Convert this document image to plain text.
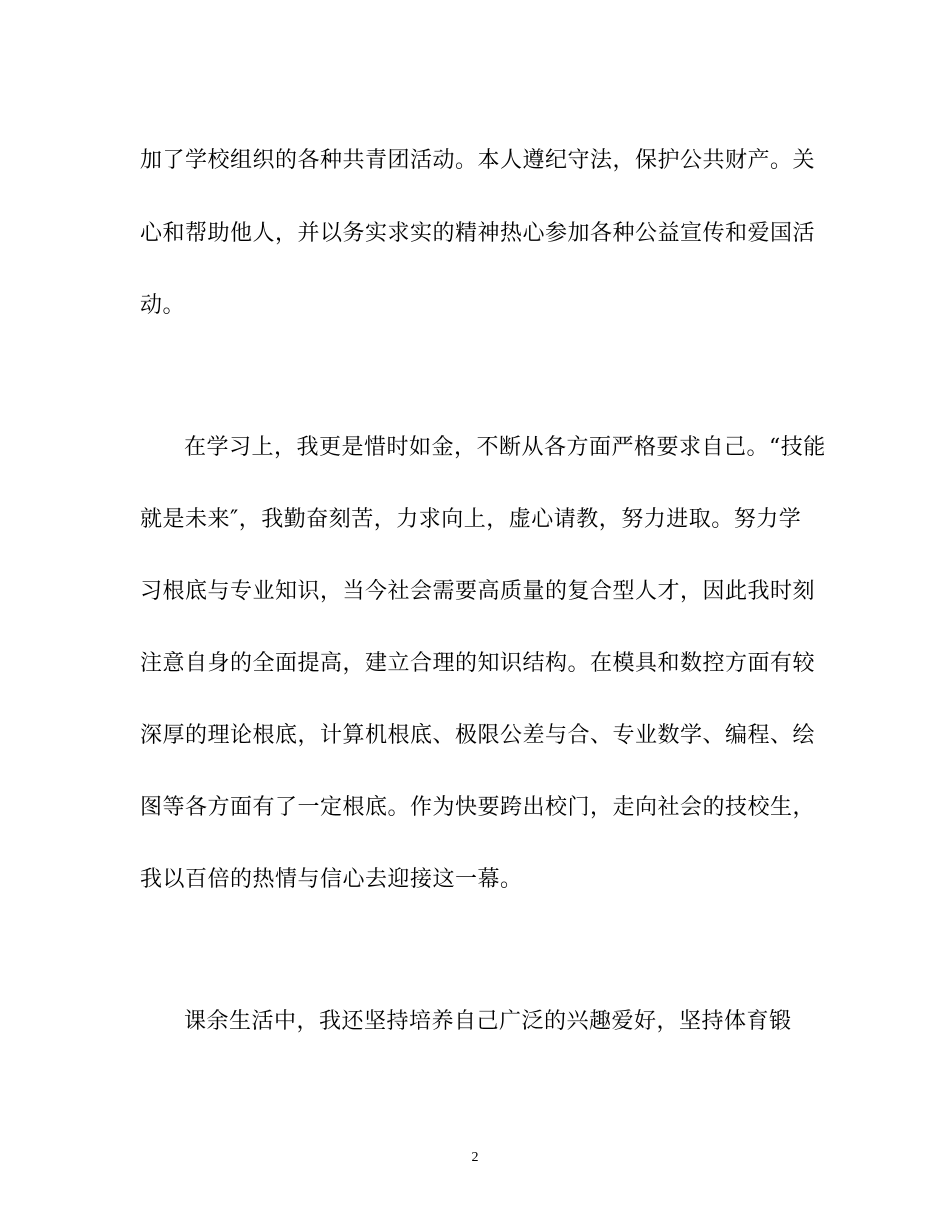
加了学校组织的各种共青团活动。本人遵纪守法，保护公共财产。关
心和帮助他人，并以务实求实的精神热心参加各种公益宣传和爱国活
动。
在学习上，我更是惜时如金，不断从各方面严格要求自己。“技能
就是未来″，我勤奋刻苦，力求向上，虚心请教，努力进取。努力学
习根底与专业知识，当今社会需要高质量的复合型人才，因此我时刻
注意自身的全面提高，建立合理的知识结构。在模具和数控方面有较
深厚的理论根底，计算机根底、极限公差与合、专业数学、编程、绘
图等各方面有了一定根底。作为快要跨出校门，走向社会的技校生，
我以百倍的热情与信心去迎接这一幕。
课余生活中，我还坚持培养自己广泛的兴趣爱好，坚持体育锻
2
